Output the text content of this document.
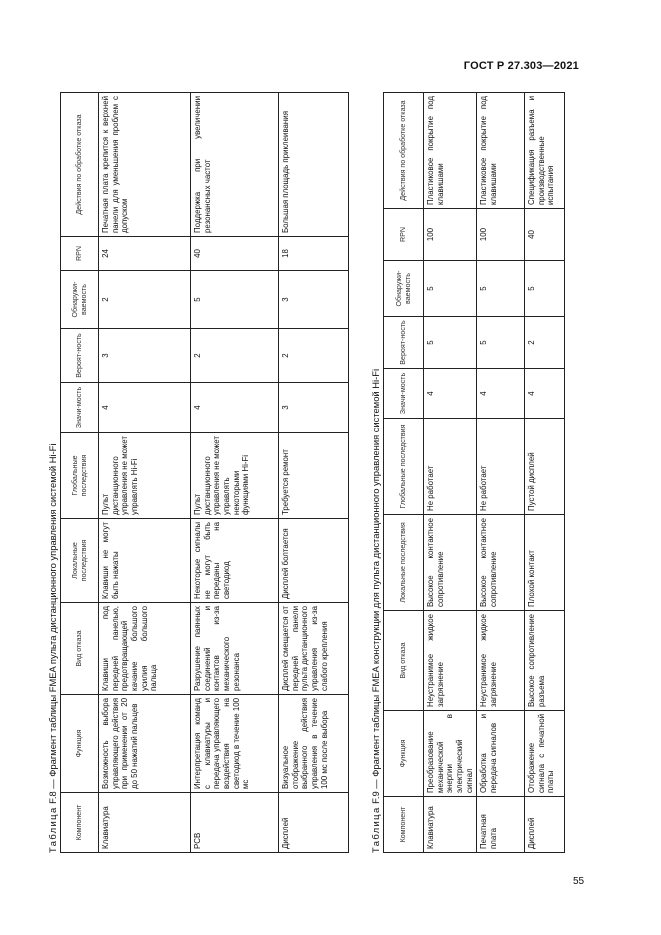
ГОСТ Р 27.303—2021
Таблица F.8 — Фрагмент таблицы FMEA пульта дистанционного управления системой Hi-Fi
Компонент	Функция	Вид отказа	Локальные последствия	Глобальные последствия	Значи-мость	Вероят-ность	Обнаружи-ваемость	RPN	Действия по обработке отказа
Клавиатура	Возможность выбора управляющего действия при применении от 20 до 50 нажатий пальцев	Клавиши под передней панелью, предотвращающей качание большого усилия большого пальца	Клавиши не могут быть нажаты	Пульт дистанционного управления не может управлять Hi-Fi	4	3	2	24	Печатная плата крепится к верхней панели для уменьшения проблем с допуском
PCB	Интерпретация команд с клавиатуры и передача управляющего воздействия на светодиод в течение 100 мс	Разрушение паянных соединений и контактов из-за механического резонанса	Некоторые сигналы не могут быть переданы на светодиод	Пульт дистанционного управления не может управлять некоторыми функциями Hi-Fi	4	2	5	40	Поддержка при увеличении резонансных частот
Дисплей	Визуальное отображение выбранного действия управления в течение 100 мс после выбора	Дисплей смещается от передней панели пульта дистанционного управления из-за слабого крепления	Дисплей болтается	Требуется ремонт	3	2	3	18	Большая площадь приклеивания
Таблица F.9 — Фрагмент таблицы FMEA конструкции для пульта дистанционного управления системой Hi-Fi
Компонент	Функция	Вид отказа	Локальные последствия	Глобальные последствия	Значи-мость	Вероят-ность	Обнаружи-ваемость	RPN	Действия по обработке отказа
Клавиатура	Преобразование механической энергии в электрический сигнал	Неустранимое жидкое загрязнение	Высокое контактное сопротивление	Не работает	4	5	5	100	Пластиковое покрытие под клавишами
Печатная плата	Обработка и передача сигналов	Неустранимое жидкое загрязнение	Высокое контактное сопротивление	Не работает	4	5	5	100	Пластиковое покрытие под клавишами
Дисплей	Отображение сигнала с печатной платы	Высокое сопротивление разъема	Плохой контакт	Пустой дисплей	4	2	5	40	Спецификация разъема и производственные испытания
55
